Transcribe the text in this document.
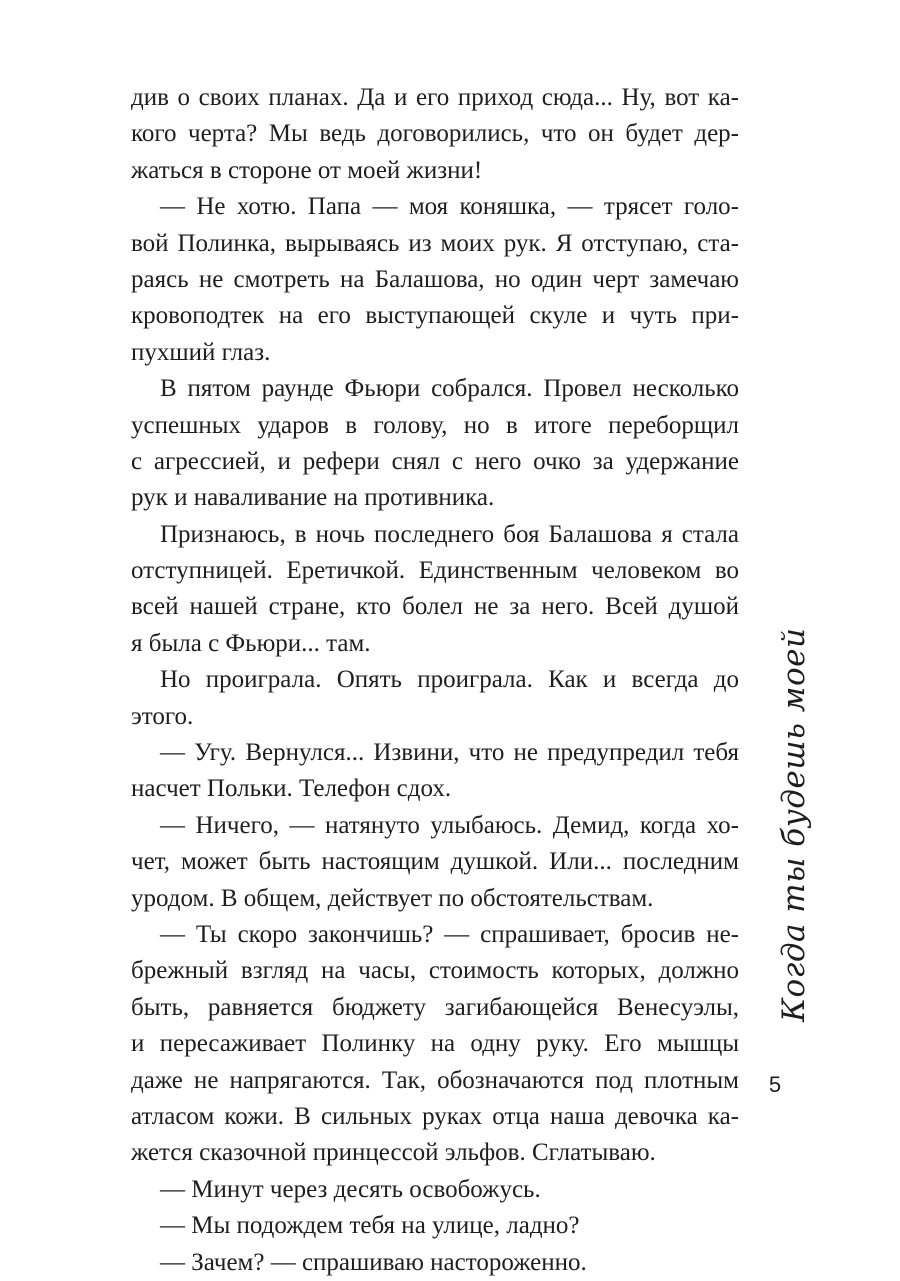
див о своих планах. Да и его приход сюда... Ну, вот ка-
кого черта? Мы ведь договорились, что он будет дер-
жаться в стороне от моей жизни!
— Не хотю. Папа — моя коняшка, — трясет голо-
вой Полинка, вырываясь из моих рук. Я отступаю, ста-
раясь не смотреть на Балашова, но один черт замечаю
кровоподтек на его выступающей скуле и чуть при-
пухший глаз.
В пятом раунде Фьюри собрался. Провел несколько
успешных ударов в голову, но в итоге переборщил
с агрессией, и рефери снял с него очко за удержание
рук и наваливание на противника.
Признаюсь, в ночь последнего боя Балашова я стала
отступницей. Еретичкой. Единственным человеком во
всей нашей стране, кто болел не за него. Всей душой
я была с Фьюри... там.
Но проиграла. Опять проиграла. Как и всегда до
этого.
— Угу. Вернулся... Извини, что не предупредил тебя
насчет Польки. Телефон сдох.
— Ничего, — натянуто улыбаюсь. Демид, когда хо-
чет, может быть настоящим душкой. Или... последним
уродом. В общем, действует по обстоятельствам.
— Ты скоро закончишь? — спрашивает, бросив не-
брежный взгляд на часы, стоимость которых, должно
быть, равняется бюджету загибающейся Венесуэлы,
и пересаживает Полинку на одну руку. Его мышцы
даже не напрягаются. Так, обозначаются под плотным
атласом кожи. В сильных руках отца наша девочка ка-
жется сказочной принцессой эльфов. Сглатываю.
— Минут через десять освобожусь.
— Мы подождем тебя на улице, ладно?
— Зачем? — спрашиваю настороженно.
Когда ты будешь моей
5
